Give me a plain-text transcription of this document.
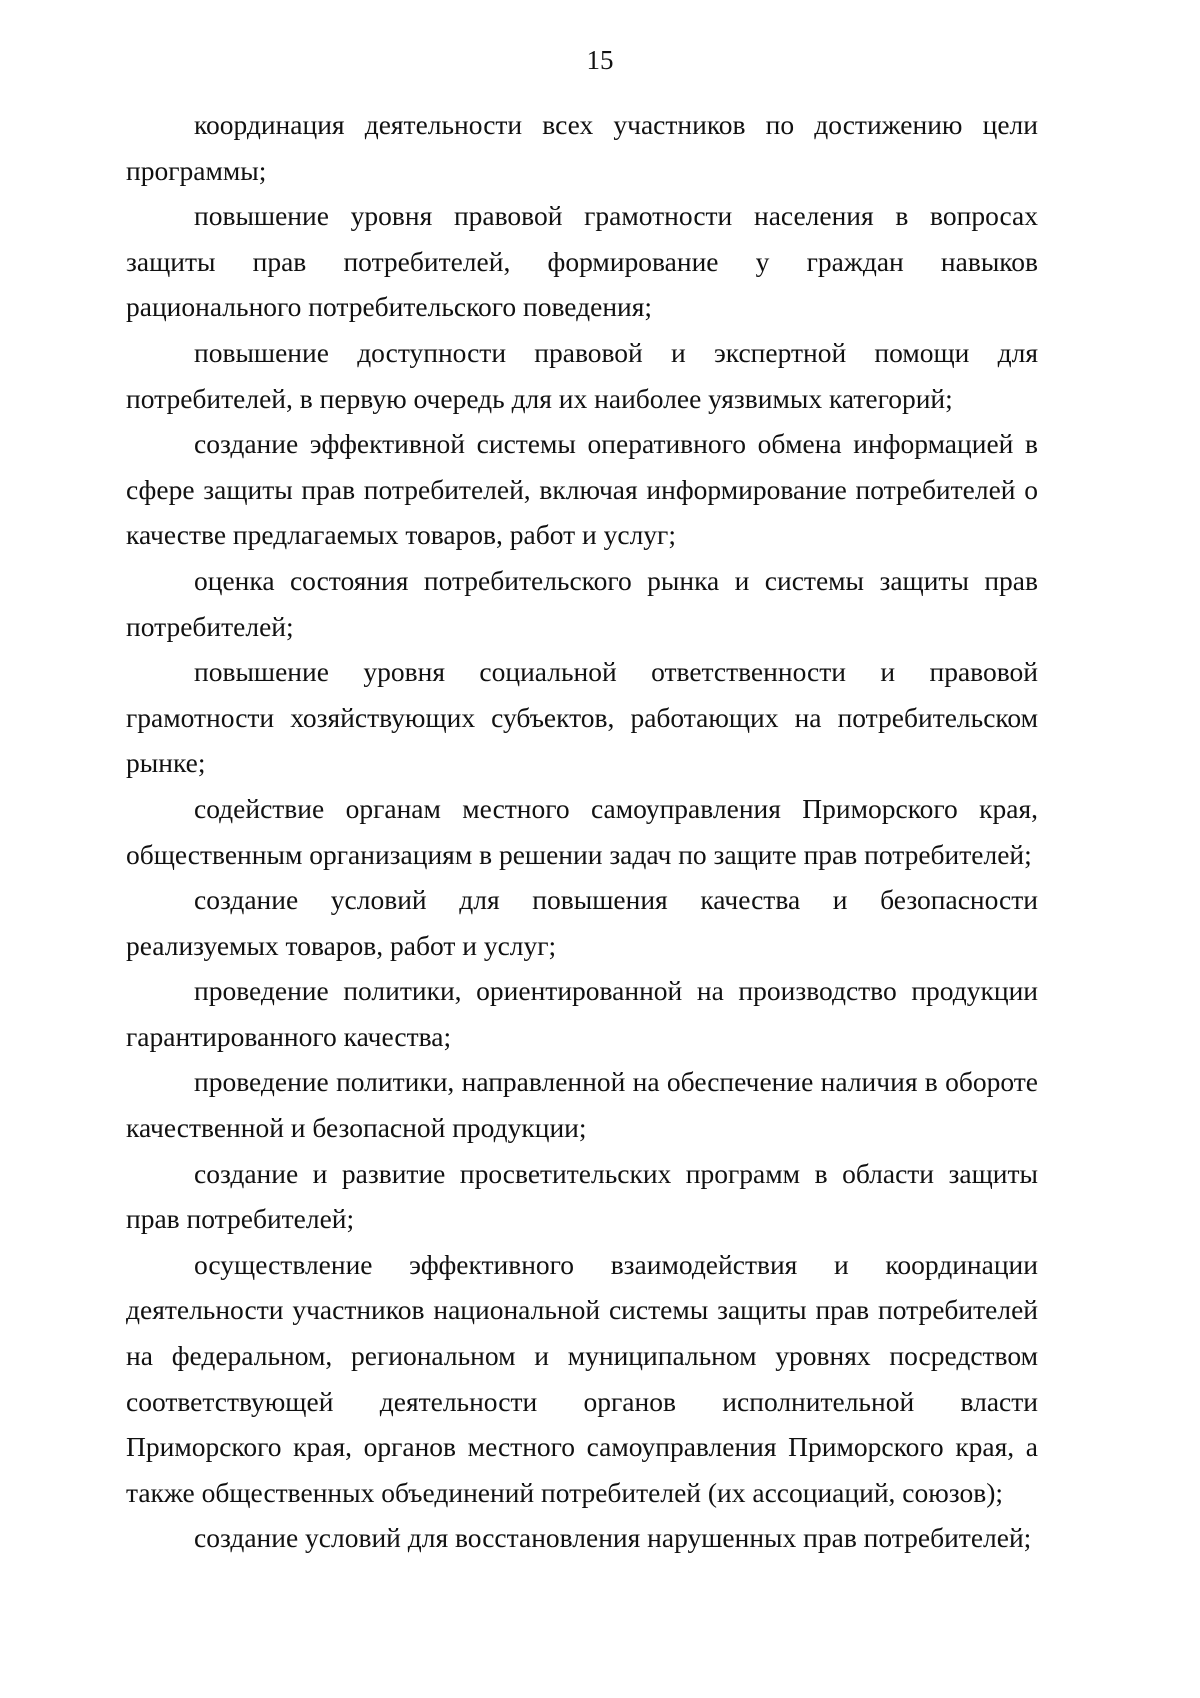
15

координация деятельности всех участников по достижению цели программы;

повышение уровня правовой грамотности населения в вопросах защиты прав потребителей, формирование у граждан навыков рационального потребительского поведения;

повышение доступности правовой и экспертной помощи для потребителей, в первую очередь для их наиболее уязвимых категорий;

создание эффективной системы оперативного обмена информацией в сфере защиты прав потребителей, включая информирование потребителей о качестве предлагаемых товаров, работ и услуг;

оценка состояния потребительского рынка и системы защиты прав потребителей;

повышение уровня социальной ответственности и правовой грамотности хозяйствующих субъектов, работающих на потребительском рынке;

содействие органам местного самоуправления Приморского края, общественным организациям в решении задач по защите прав потребителей;

создание условий для повышения качества и безопасности реализуемых товаров, работ и услуг;

проведение политики, ориентированной на производство продукции гарантированного качества;

проведение политики, направленной на обеспечение наличия в обороте качественной и безопасной продукции;

создание и развитие просветительских программ в области защиты прав потребителей;

осуществление эффективного взаимодействия и координации деятельности участников национальной системы защиты прав потребителей на федеральном, региональном и муниципальном уровнях посредством соответствующей деятельности органов исполнительной власти Приморского края, органов местного самоуправления Приморского края, а также общественных объединений потребителей (их ассоциаций, союзов);

создание условий для восстановления нарушенных прав потребителей;
